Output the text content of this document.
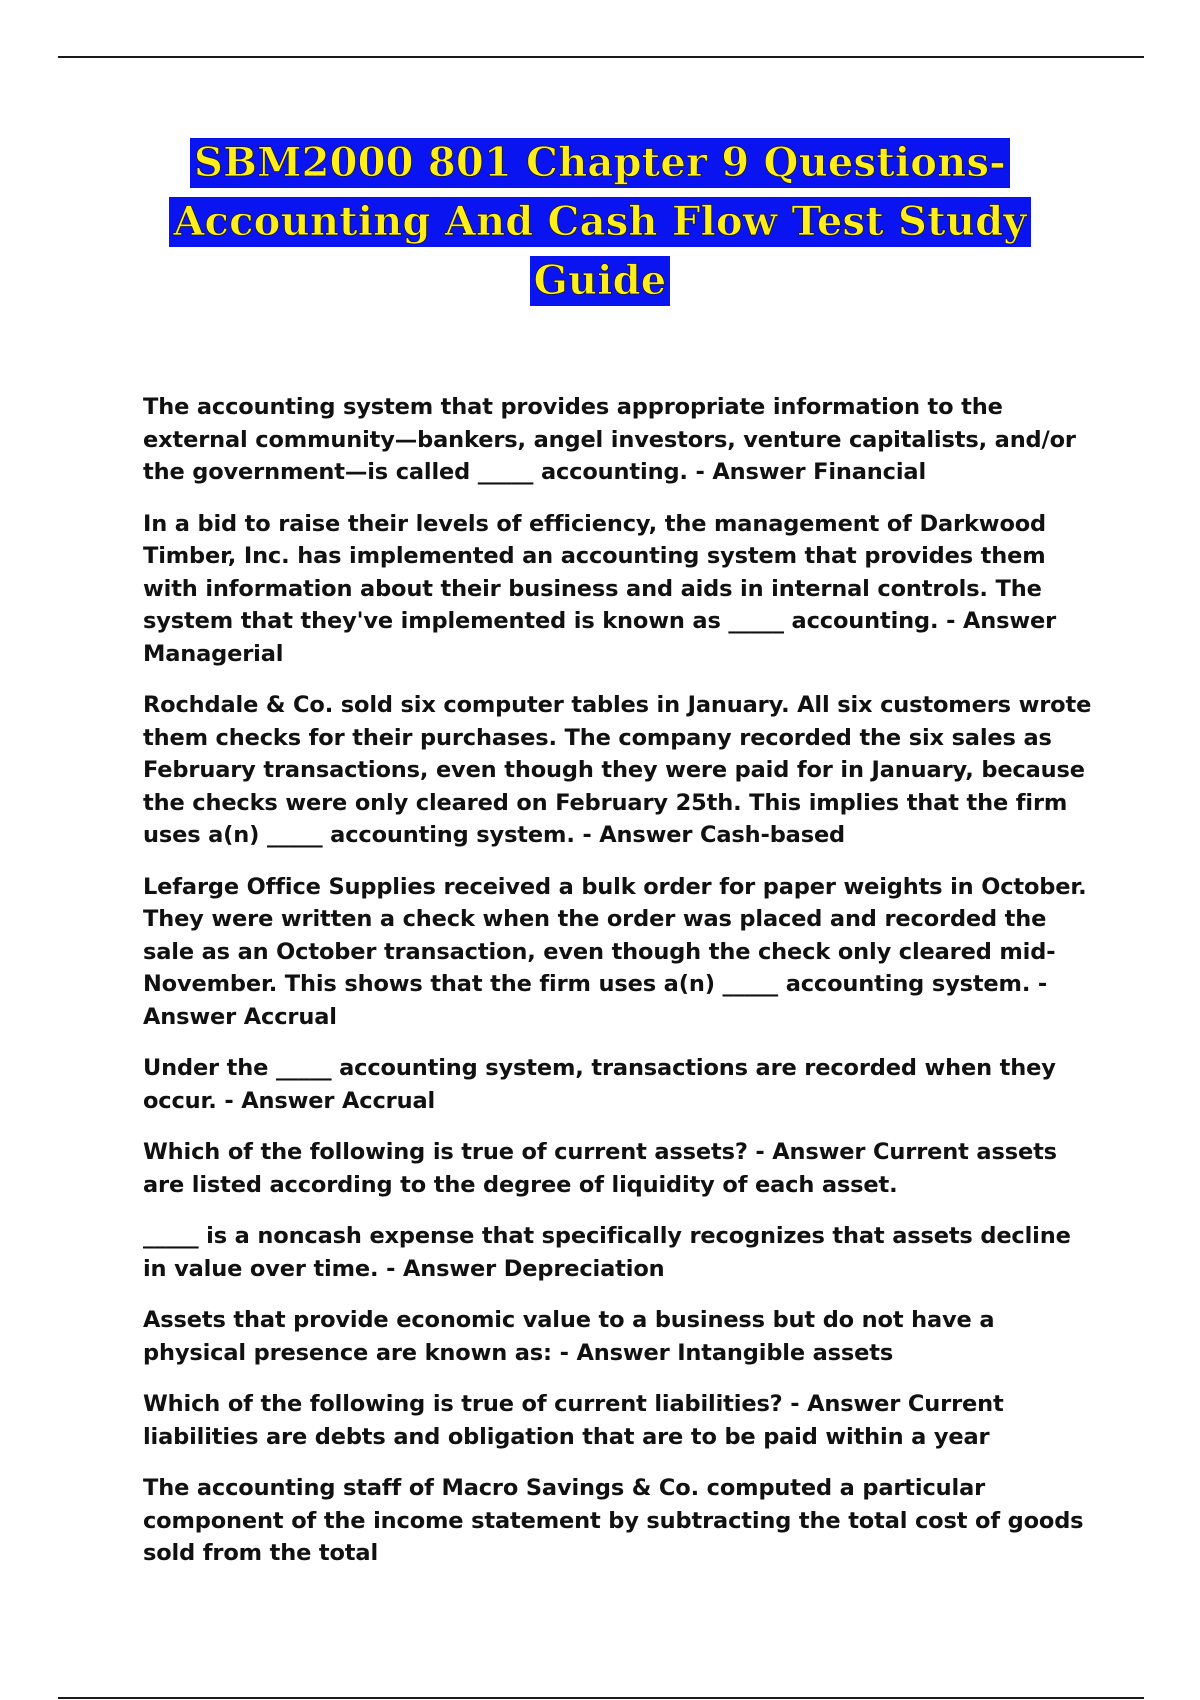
SBM2000 801 Chapter 9 Questions-
Accounting And Cash Flow Test Study
Guide

The accounting system that provides appropriate information to the external community—bankers, angel investors, venture capitalists, and/or the government—is called _____ accounting. - Answer Financial

In a bid to raise their levels of efficiency, the management of Darkwood Timber, Inc. has implemented an accounting system that provides them with information about their business and aids in internal controls. The system that they've implemented is known as _____ accounting. - Answer Managerial

Rochdale & Co. sold six computer tables in January. All six customers wrote them checks for their purchases. The company recorded the six sales as February transactions, even though they were paid for in January, because the checks were only cleared on February 25th. This implies that the firm uses a(n) _____ accounting system. - Answer Cash-based

Lefarge Office Supplies received a bulk order for paper weights in October. They were written a check when the order was placed and recorded the sale as an October transaction, even though the check only cleared mid-November. This shows that the firm uses a(n) _____ accounting system. - Answer Accrual

Under the _____ accounting system, transactions are recorded when they occur. - Answer Accrual

Which of the following is true of current assets? - Answer Current assets are listed according to the degree of liquidity of each asset.

_____ is a noncash expense that specifically recognizes that assets decline in value over time. - Answer Depreciation

Assets that provide economic value to a business but do not have a physical presence are known as: - Answer Intangible assets

Which of the following is true of current liabilities? - Answer Current liabilities are debts and obligation that are to be paid within a year

The accounting staff of Macro Savings & Co. computed a particular component of the income statement by subtracting the total cost of goods sold from the total
